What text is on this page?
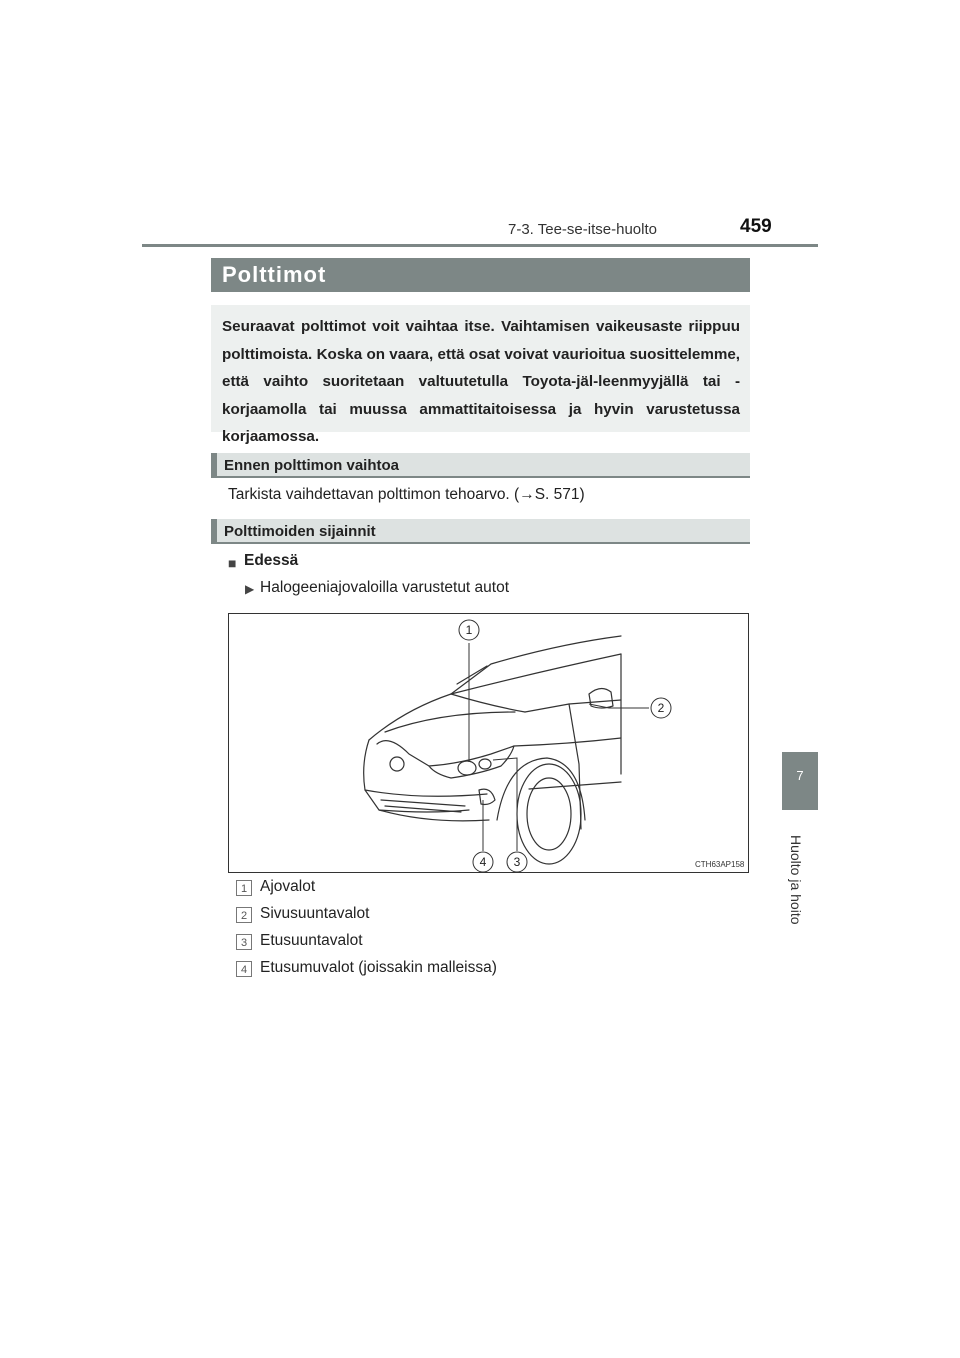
7-3. Tee-se-itse-huolto	459
7
Huolto ja hoito
Polttimot
Seuraavat polttimot voit vaihtaa itse. Vaihtamisen vaikeusaste riippuu polttimoista. Koska on vaara, että osat voivat vaurioitua suosittelemme, että vaihto suoritetaan valtuutetulla Toyota-jäl-leenmyyjällä tai -korjaamolla tai muussa ammattitaitoisessa ja hyvin varustetussa korjaamossa.
Ennen polttimon vaihtoa
Tarkista vaihdettavan polttimon tehoarvo. (→S. 571)
Polttimoiden sijainnit
■ Edessä
▶ Halogeeniajovaloilla varustetut autot
1
2
3
4	CTH63AP158
1 Ajovalot
2 Sivusuuntavalot
3 Etusuuntavalot
4 Etusumuvalot (joissakin malleissa)
